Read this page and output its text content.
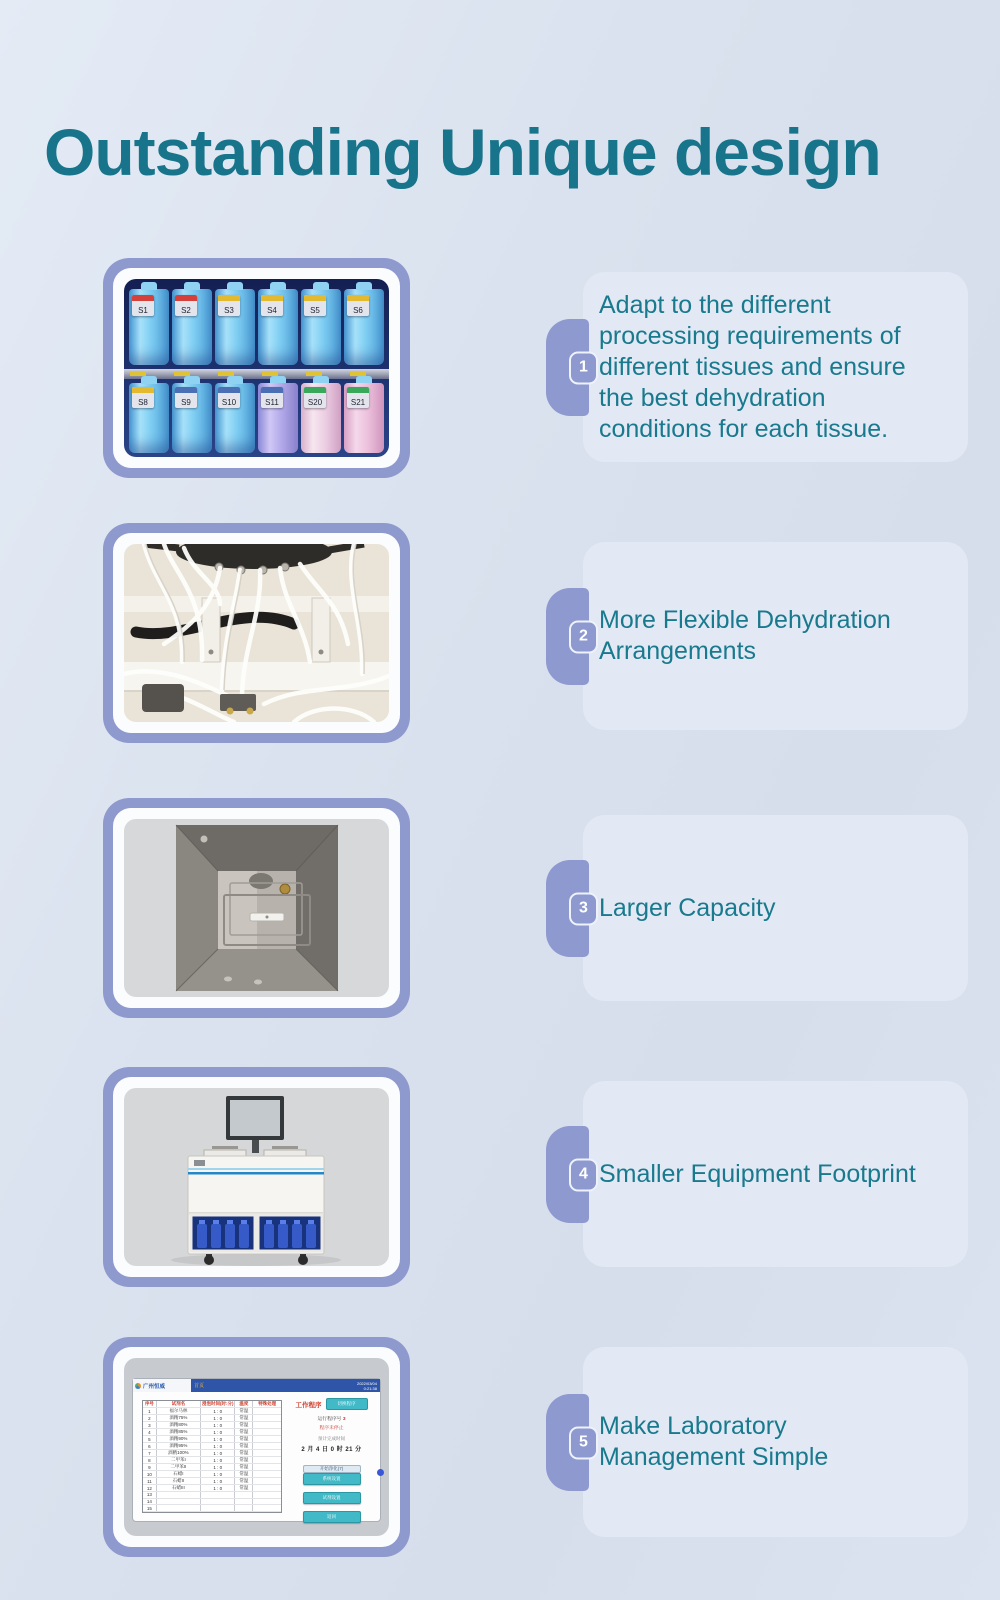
Outstanding Unique design
S1	S2	S3	S4	S5	S6
S8	S9	S10	S11	S20	S21
Adapt to the different processing requirements of different tissues and ensure the best dehydration conditions for each tissue.
1
More Flexible Dehydration Arrangements
2
Larger Capacity
3
Smaller Equipment Footprint
4
广州恒威	首页	2022/03/04
0:21:38
序号	试剂名	浸泡时间(时:分)	温度	特殊处理
1	福尔马林	1 : 0	常温
2	酒精75%	1 : 0	常温
3	酒精80%	1 : 0	常温
4	酒精85%	1 : 0	常温
5	酒精90%	1 : 0	常温
6	酒精95%	1 : 0	常温
7	酒精100%	1 : 0	常温
8	二甲苯I	1 : 0	常温
9	二甲苯II	1 : 0	常温
10	石蜡I	1 : 0	常温
11	石蜡II	1 : 0	常温
12	石蜡III	1 : 0	常温
13
14
15
工作程序	切换程序
运行程序号 3
程序未停止
预计完成时间
2 月 4 日 0 时 21 分
开始净化(7)
系统设置
试剂设置
返回
Make Laboratory Management Simple
5
